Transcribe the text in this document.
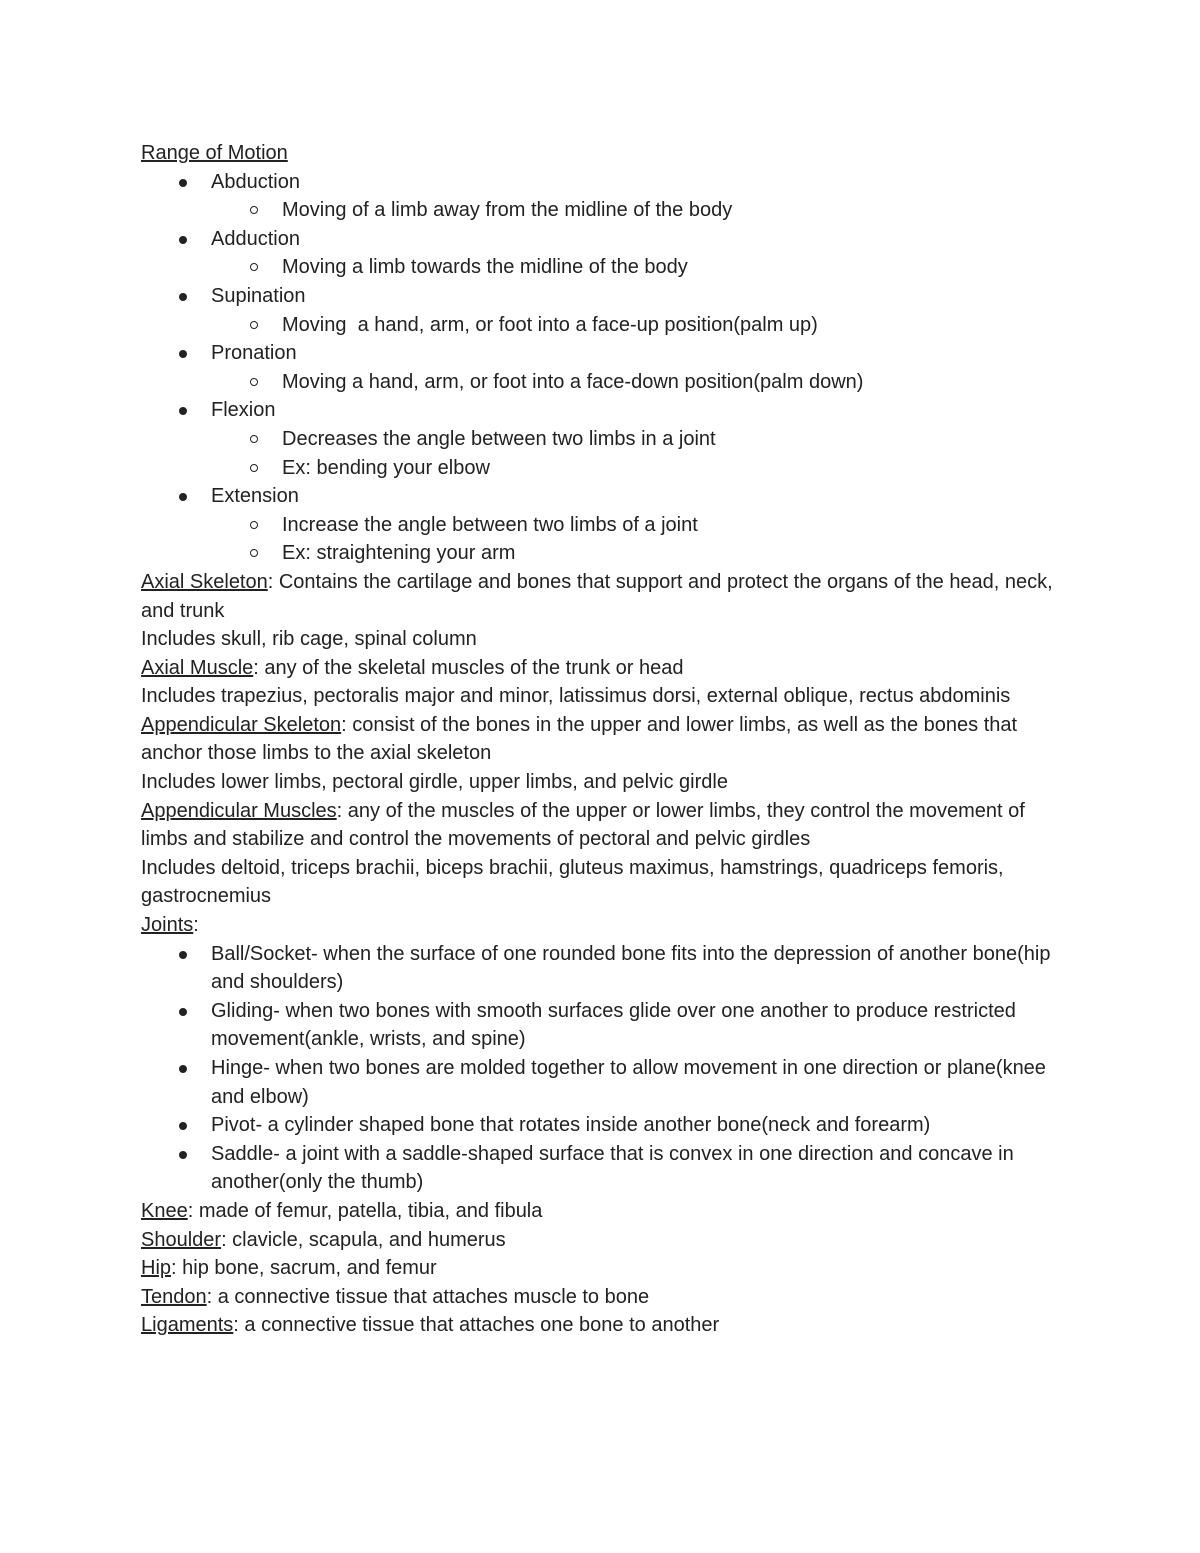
Range of Motion

Abduction
Moving of a limb away from the midline of the body
Adduction
Moving a limb towards the midline of the body
Supination
Moving  a hand, arm, or foot into a face-up position(palm up)
Pronation
Moving a hand, arm, or foot into a face-down position(palm down)
Flexion
Decreases the angle between two limbs in a joint
Ex: bending your elbow
Extension
Increase the angle between two limbs of a joint
Ex: straightening your arm

Axial Skeleton: Contains the cartilage and bones that support and protect the organs of the head, neck, and trunk

Includes skull, rib cage, spinal column

Axial Muscle: any of the skeletal muscles of the trunk or head

Includes trapezius, pectoralis major and minor, latissimus dorsi, external oblique, rectus abdominis

Appendicular Skeleton: consist of the bones in the upper and lower limbs, as well as the bones that anchor those limbs to the axial skeleton

Includes lower limbs, pectoral girdle, upper limbs, and pelvic girdle

Appendicular Muscles: any of the muscles of the upper or lower limbs, they control the movement of limbs and stabilize and control the movements of pectoral and pelvic girdles

Includes deltoid, triceps brachii, biceps brachii, gluteus maximus, hamstrings, quadriceps femoris, gastrocnemius

Joints:

Ball/Socket- when the surface of one rounded bone fits into the depression of another bone(hip and shoulders)
Gliding- when two bones with smooth surfaces glide over one another to produce restricted movement(ankle, wrists, and spine)
Hinge- when two bones are molded together to allow movement in one direction or plane(knee and elbow)
Pivot- a cylinder shaped bone that rotates inside another bone(neck and forearm)
Saddle- a joint with a saddle-shaped surface that is convex in one direction and concave in another(only the thumb)

Knee: made of femur, patella, tibia, and fibula

Shoulder: clavicle, scapula, and humerus

Hip: hip bone, sacrum, and femur

Tendon: a connective tissue that attaches muscle to bone

Ligaments: a connective tissue that attaches one bone to another
